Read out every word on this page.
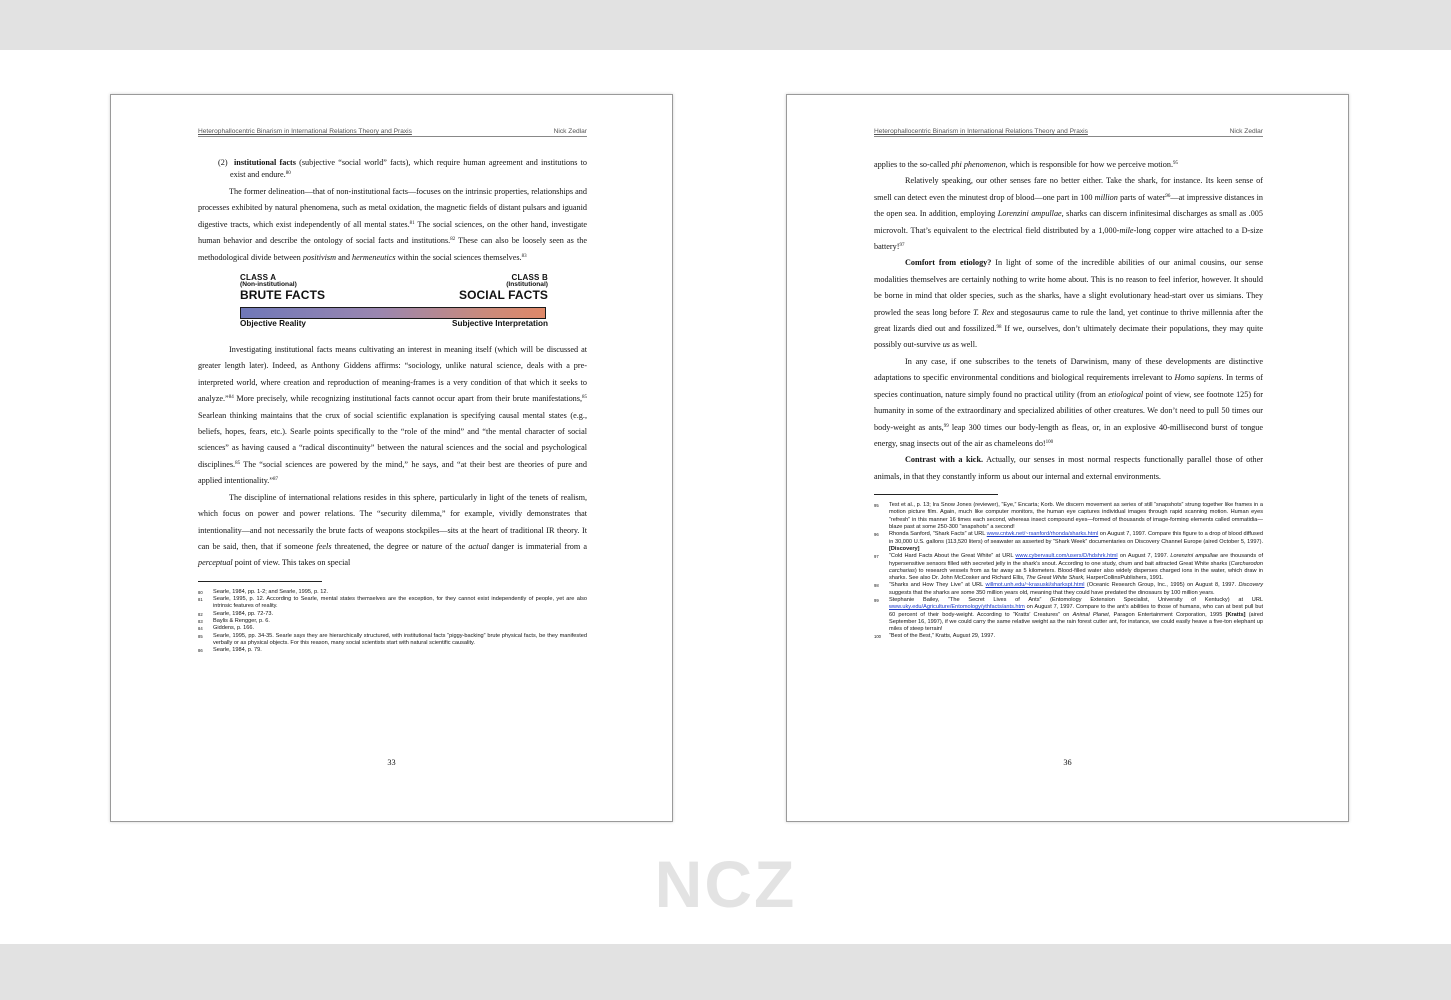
Heterophallocentric Binarism in International Relations Theory and Praxis	Nick Zedlar
(2) institutional facts (subjective “social world” facts), which require human agreement and institutions to exist and endure.$^{80}$

The former delineation—that of non-institutional facts—focuses on the intrinsic properties, relationships and processes exhibited by natural phenomena, such as metal oxidation, the magnetic fields of distant pulsars and iguanid digestive tracts, which exist independently of all mental states.$^{81}$ The social sciences, on the other hand, investigate human behavior and describe the ontology of social facts and institutions.$^{82}$ These can also be loosely seen as the methodological divide between positivism and hermeneutics within the social sciences themselves.$^{83}$

CLASS A
(Non-institutional)
BRUTE FACTS
CLASS B
(Institutional)
SOCIAL FACTS
Objective Reality	Subjective Interpretation

Investigating institutional facts means cultivating an interest in meaning itself (which will be discussed at greater length later). Indeed, as Anthony Giddens affirms: “sociology, unlike natural science, deals with a pre-interpreted world, where creation and reproduction of meaning-frames is a very condition of that which it seeks to analyze.”$^{84}$ More precisely, while recognizing institutional facts cannot occur apart from their brute manifestations,$^{85}$ Searlean thinking maintains that the crux of social scientific explanation is specifying causal mental states (e.g., beliefs, hopes, fears, etc.). Searle points specifically to the “role of the mind” and “the mental character of social sciences” as having caused a “radical discontinuity” between the natural sciences and the social and psychological disciplines.$^{85}$ The “social sciences are powered by the mind,” he says, and “at their best are theories of pure and applied intentionality.”$^{87}$

The discipline of international relations resides in this sphere, particularly in light of the tenets of realism, which focus on power and power relations. The “security dilemma,” for example, vividly demonstrates that intentionality—and not necessarily the brute facts of weapons stockpiles—sits at the heart of traditional IR theory. It can be said, then, that if someone feels threatened, the degree or nature of the actual danger is immaterial from a perceptual point of view. This takes on special

80	Searle, 1984, pp. 1-2; and Searle, 1995, p. 12.
81	Searle, 1995, p. 12. According to Searle, mental states themselves are the exception, for they cannot exist independently of people, yet are also intrinsic features of reality.
82	Searle, 1984, pp. 72-73.
83	Baylis & Rengger, p. 6.
84	Giddens, p. 166.
85	Searle, 1995, pp. 34-35. Searle says they are hierarchically structured, with institutional facts “piggy-backing” brute physical facts, be they manifested verbally or as physical objects. For this reason, many social scientists start with natural scientific causality.
86	Searle, 1984, p. 79.
33
Heterophallocentric Binarism in International Relations Theory and Praxis	Nick Zedlar

applies to the so-called phi phenomenon, which is responsible for how we perceive motion.$^{95}$

Relatively speaking, our other senses fare no better either. Take the shark, for instance. Its keen sense of smell can detect even the minutest drop of blood—one part in 100 million parts of water$^{96}$—at impressive distances in the open sea. In addition, employing Lorenzini ampullae, sharks can discern infinitesimal discharges as small as .005 microvolt. That’s equivalent to the electrical field distributed by a 1,000-mile-long copper wire attached to a D-size battery!$^{97}$

Comfort from etiology? In light of some of the incredible abilities of our animal cousins, our sense modalities themselves are certainly nothing to write home about. This is no reason to feel inferior, however. It should be borne in mind that older species, such as the sharks, have a slight evolutionary head-start over us simians. They prowled the seas long before T. Rex and stegosaurus came to rule the land, yet continue to thrive millennia after the great lizards died out and fossilized.$^{98}$ If we, ourselves, don’t ultimately decimate their populations, they may quite possibly out-survive us as well.

In any case, if one subscribes to the tenets of Darwinism, many of these developments are distinctive adaptations to specific environmental conditions and biological requirements irrelevant to Homo sapiens. In terms of species continuation, nature simply found no practical utility (from an etiological point of view, see footnote 125) for humanity in some of the extraordinary and specialized abilities of other creatures. We don’t need to pull 50 times our body-weight as ants,$^{99}$ leap 300 times our body-length as fleas, or, in an explosive 40-millisecond burst of tongue energy, snag insects out of the air as chameleons do!$^{100}$

Contrast with a kick. Actually, our senses in most normal respects functionally parallel those of other animals, in that they constantly inform us about our internal and external environments.

95	Test et al., p. 13; Ira Snow Jones (reviewer), “Eye,” Encarta; Korb. We discern movement as series of still “snapshots” strung together like frames in a motion picture film. Again, much like computer monitors, the human eye captures individual images through rapid scanning motion. Human eyes “refresh” in this manner 16 times each second, whereas insect compound eyes—formed of thousands of image-forming elements called ommatidia—blaze past at some 250-300 “snapshots” a second!
96	Rhonda Sanford, “Shark Facts” at URL www.cntwk.net/~rsanford/rhonda/sharks.html on August 7, 1997. Compare this figure to a drop of blood diffused in 30,000 U.S. gallons (113,520 liters) of seawater as asserted by “Shark Week” documentaries on Discovery Channel Europe (aired October 5, 1997). [Discovery]
97	“Cold Hard Facts About the Great White” at URL www.cybervault.com/users/D/hdshrk.html on August 7, 1997. Lorenzini ampullae are thousands of hypersensitive sensors filled with secreted jelly in the shark’s snout. According to one study, chum and bait attracted Great White sharks (Carcharodon carcharias) to research vessels from as far away as 5 kilometers. Blood-filled water also widely disperses charged ions in the water, which draw in sharks. See also Dr. John McCosker and Richard Ellis, The Great White Shark, HarperCollinsPublishers, 1991.
98	“Sharks and How They Live” at URL willmot.unh.edu/~krasuski/sharkspt.html (Oceanic Research Group, Inc., 1995) on August 8, 1997. Discovery suggests that the sharks are some 350 million years old, meaning that they could have predated the dinosaurs by 100 million years.
99	Stephanie Bailey, “The Secret Lives of Ants” (Entomology Extension Specialist, University of Kentucky) at URL www.uky.edu/Agriculture/Entomology/ythfacts/ants.htm on August 7, 1997. Compare to the ant’s abilities to those of humans, who can at best pull but 60 percent of their body-weight. According to “Kratts’ Creatures” on Animal Planet, Paragon Entertainment Corporation, 1995 [Kratts] (aired September 16, 1997), if we could carry the same relative weight as the rain forest cutter ant, for instance, we could easily heave a five-ton elephant up miles of steep terrain!
100	“Best of the Best,” Kratts, August 29, 1997.
36
NCZ
